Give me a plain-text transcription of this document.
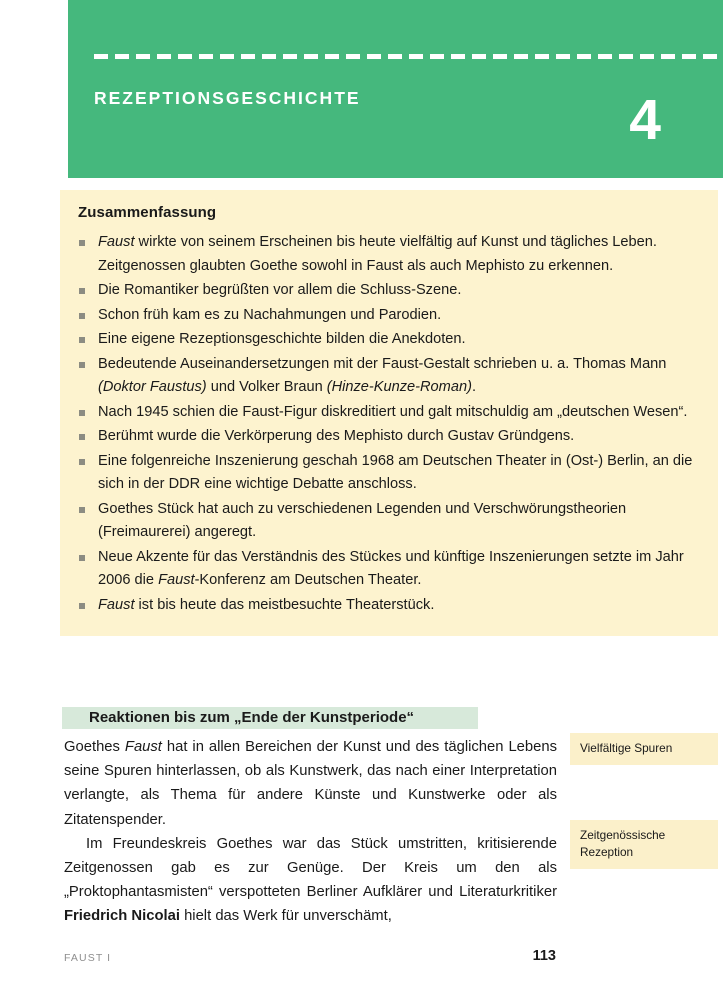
REZEPTIONSGESCHICHTE	4
Zusammenfassung
Faust wirkte von seinem Erscheinen bis heute vielfältig auf Kunst und tägliches Leben. Zeitgenossen glaubten Goethe sowohl in Faust als auch Mephisto zu erkennen.
Die Romantiker begrüßten vor allem die Schluss-Szene.
Schon früh kam es zu Nachahmungen und Parodien.
Eine eigene Rezeptionsgeschichte bilden die Anekdoten.
Bedeutende Auseinandersetzungen mit der Faust-Gestalt schrieben u. a. Thomas Mann (Doktor Faustus) und Volker Braun (Hinze-Kunze-Roman).
Nach 1945 schien die Faust-Figur diskreditiert und galt mitschuldig am „deutschen Wesen“.
Berühmt wurde die Verkörperung des Mephisto durch Gustav Gründgens.
Eine folgenreiche Inszenierung geschah 1968 am Deutschen Theater in (Ost-) Berlin, an die sich in der DDR eine wichtige Debatte anschloss.
Goethes Stück hat auch zu verschiedenen Legenden und Verschwörungstheorien (Freimaurerei) angeregt.
Neue Akzente für das Verständnis des Stückes und künftige Inszenierungen setzte im Jahr 2006 die Faust-Konferenz am Deutschen Theater.
Faust ist bis heute das meistbesuchte Theaterstück.
Reaktionen bis zum „Ende der Kunstperiode“

Goethes Faust hat in allen Bereichen der Kunst und des täglichen Lebens seine Spuren hinterlassen, ob als Kunstwerk, das nach einer Interpretation verlangte, als Thema für andere Künste und Kunstwerke oder als Zitatenspender.

Im Freundeskreis Goethes war das Stück umstritten, kritisierende Zeitgenossen gab es zur Genüge. Der Kreis um den als „Proktophantasmisten“ verspotteten Berliner Aufklärer und Literaturkritiker Friedrich Nicolai hielt das Werk für unverschämt,

Vielfältige Spuren
Zeitgenössische Rezeption
FAUST I	113
